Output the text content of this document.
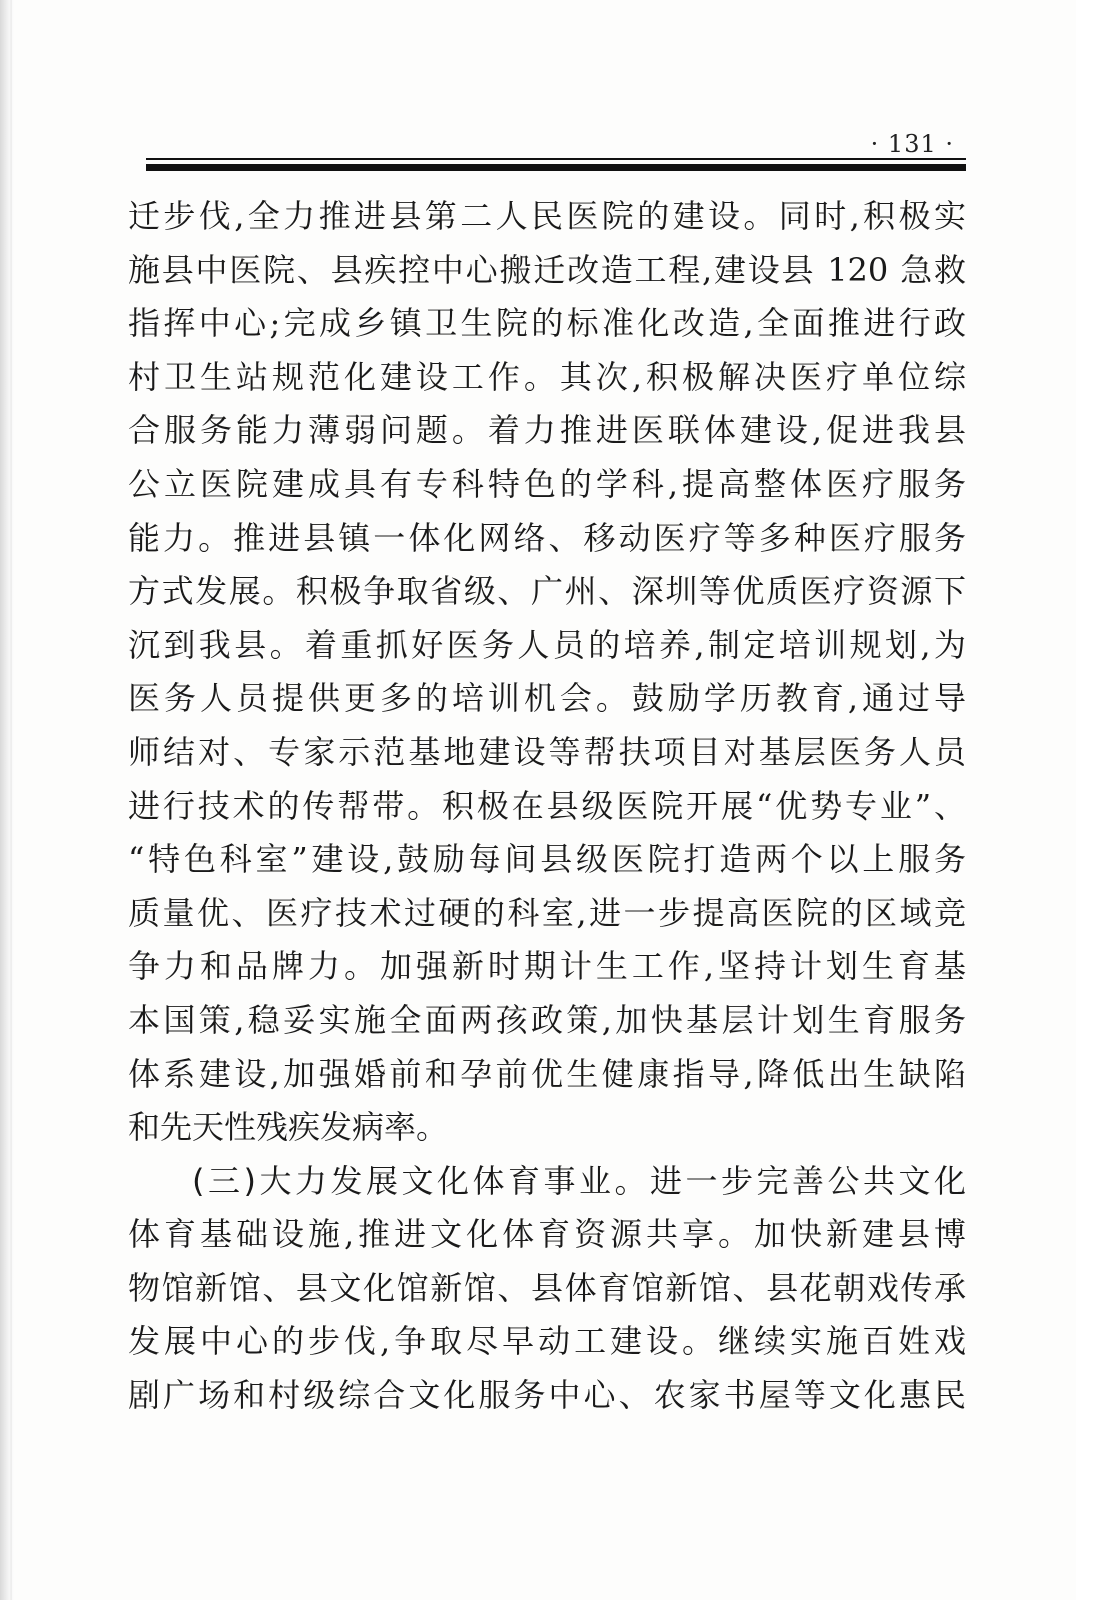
· 131 ·
迁步伐,全力推进县第二人民医院的建设。同时,积极实
施县中医院、县疾控中心搬迁改造工程,建设县 120 急救
指挥中心;完成乡镇卫生院的标准化改造,全面推进行政
村卫生站规范化建设工作。其次,积极解决医疗单位综
合服务能力薄弱问题。着力推进医联体建设,促进我县
公立医院建成具有专科特色的学科,提高整体医疗服务
能力。推进县镇一体化网络、移动医疗等多种医疗服务
方式发展。积极争取省级、广州、深圳等优质医疗资源下
沉到我县。着重抓好医务人员的培养,制定培训规划,为
医务人员提供更多的培训机会。鼓励学历教育,通过导
师结对、专家示范基地建设等帮扶项目对基层医务人员
进行技术的传帮带。积极在县级医院开展“优势专业”、
“特色科室”建设,鼓励每间县级医院打造两个以上服务
质量优、医疗技术过硬的科室,进一步提高医院的区域竞
争力和品牌力。加强新时期计生工作,坚持计划生育基
本国策,稳妥实施全面两孩政策,加快基层计划生育服务
体系建设,加强婚前和孕前优生健康指导,降低出生缺陷
和先天性残疾发病率。
(三)大力发展文化体育事业。进一步完善公共文化
体育基础设施,推进文化体育资源共享。加快新建县博
物馆新馆、县文化馆新馆、县体育馆新馆、县花朝戏传承
发展中心的步伐,争取尽早动工建设。继续实施百姓戏
剧广场和村级综合文化服务中心、农家书屋等文化惠民
